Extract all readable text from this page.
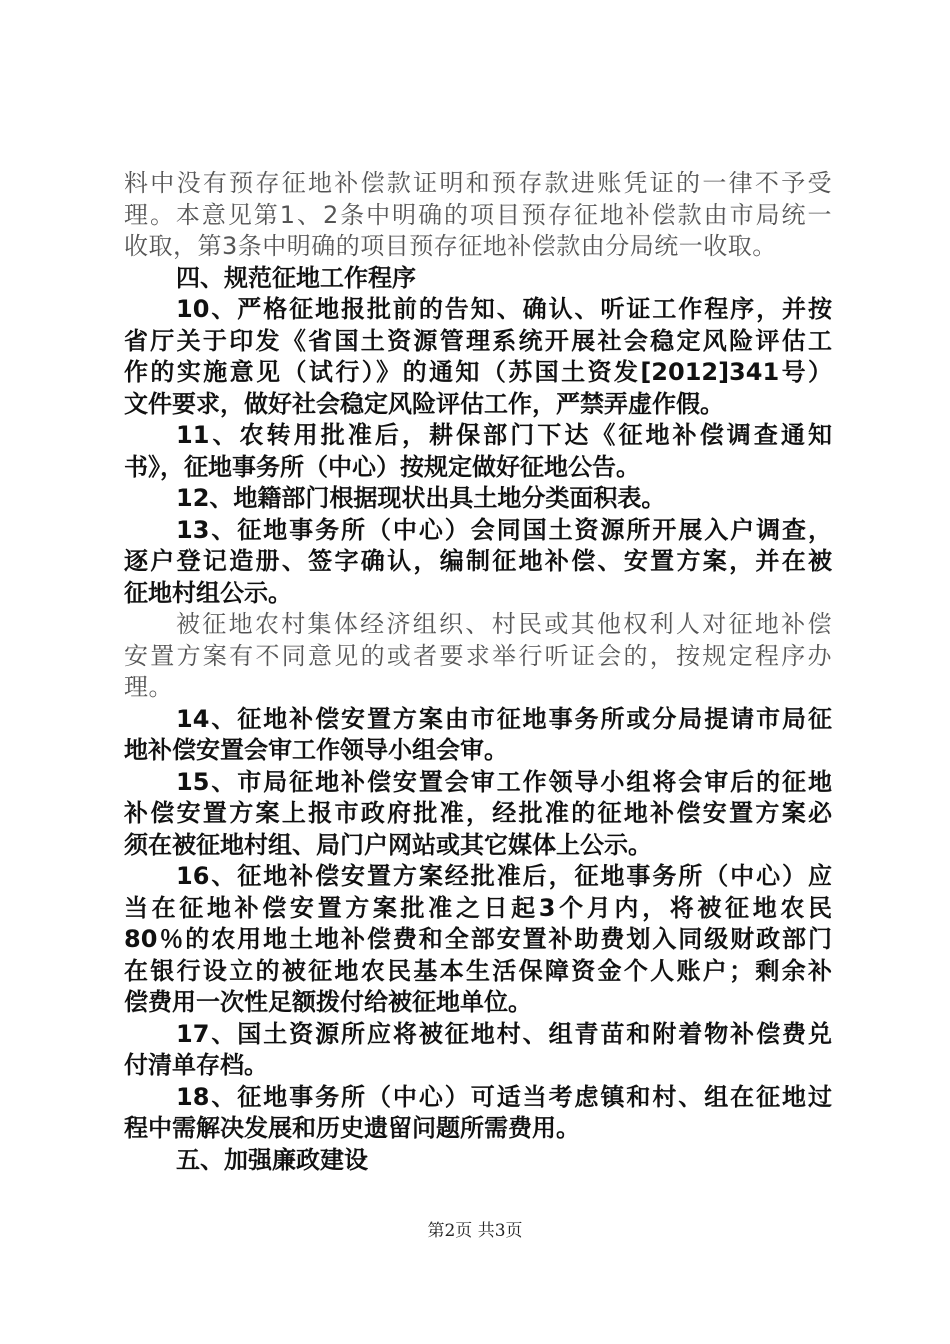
料中没有预存征地补偿款证明和预存款进账凭证的一律不予受
理。本意见第1、2条中明确的项目预存征地补偿款由市局统一
收取，第3条中明确的项目预存征地补偿款由分局统一收取。
四、规范征地工作程序
10、严格征地报批前的告知、确认、听证工作程序，并按
省厅关于印发《省国土资源管理系统开展社会稳定风险评估工
作的实施意见（试行）》的通知（苏国土资发[2012]341号）
文件要求，做好社会稳定风险评估工作，严禁弄虚作假。
11、农转用批准后，耕保部门下达《征地补偿调查通知
书》，征地事务所（中心）按规定做好征地公告。
12、地籍部门根据现状出具土地分类面积表。
13、征地事务所（中心）会同国土资源所开展入户调查，
逐户登记造册、签字确认，编制征地补偿、安置方案，并在被
征地村组公示。
被征地农村集体经济组织、村民或其他权利人对征地补偿
安置方案有不同意见的或者要求举行听证会的，按规定程序办
理。
14、征地补偿安置方案由市征地事务所或分局提请市局征
地补偿安置会审工作领导小组会审。
15、市局征地补偿安置会审工作领导小组将会审后的征地
补偿安置方案上报市政府批准，经批准的征地补偿安置方案必
须在被征地村组、局门户网站或其它媒体上公示。
16、征地补偿安置方案经批准后，征地事务所（中心）应
当在征地补偿安置方案批准之日起3个月内，将被征地农民
80％的农用地土地补偿费和全部安置补助费划入同级财政部门
在银行设立的被征地农民基本生活保障资金个人账户；剩余补
偿费用一次性足额拨付给被征地单位。
17、国土资源所应将被征地村、组青苗和附着物补偿费兑
付清单存档。
18、征地事务所（中心）可适当考虑镇和村、组在征地过
程中需解决发展和历史遗留问题所需费用。
五、加强廉政建设
第2页 共3页
